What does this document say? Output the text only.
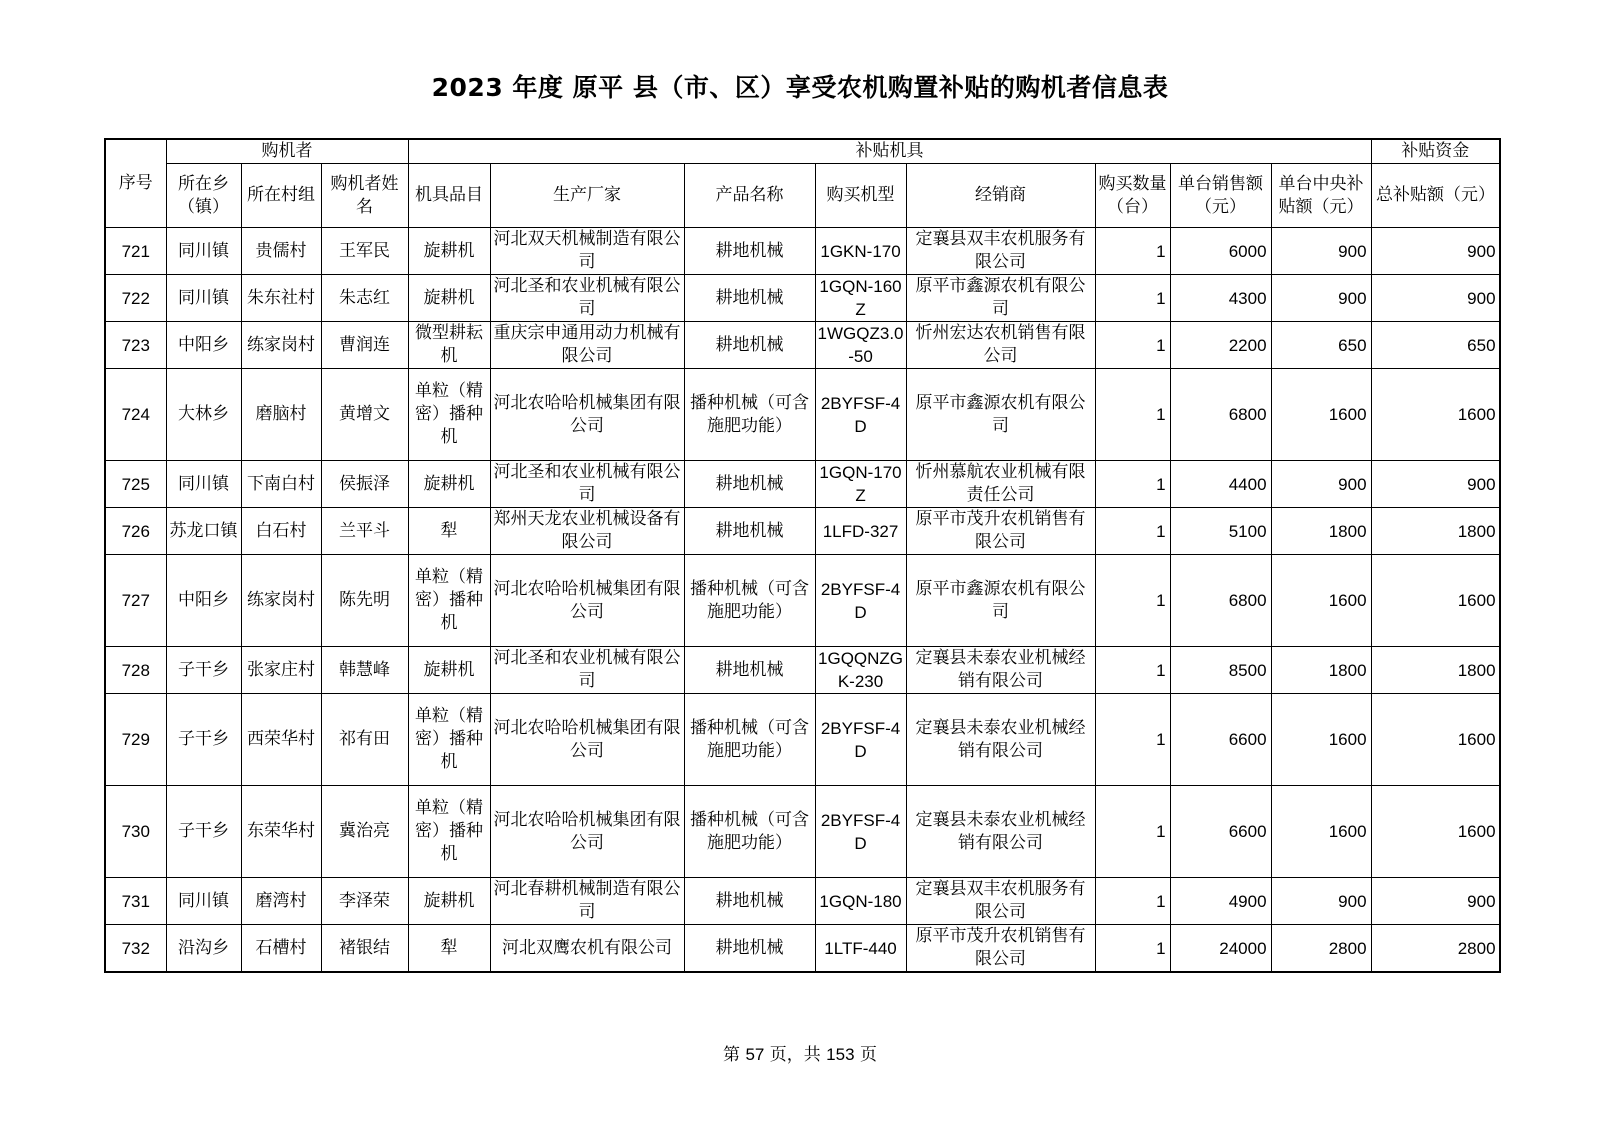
2023 年度 原平 县（市、区）享受农机购置补贴的购机者信息表
序号	购机者			补贴机具								补贴资金
	所在乡（镇）	所在村组	购机者姓名	机具品目	生产厂家	产品名称	购买机型	经销商	购买数量（台）	单台销售额（元）	单台中央补贴额（元）	总补贴额（元）
721	同川镇	贵儒村	王军民	旋耕机	河北双天机械制造有限公司	耕地机械	1GKN-170	定襄县双丰农机服务有限公司	1	6000	900	900
722	同川镇	朱东社村	朱志红	旋耕机	河北圣和农业机械有限公司	耕地机械	1GQN-160Z	原平市鑫源农机有限公司	1	4300	900	900
723	中阳乡	练家岗村	曹润连	微型耕耘机	重庆宗申通用动力机械有限公司	耕地机械	1WGQZ3.0-50	忻州宏达农机销售有限公司	1	2200	650	650
724	大林乡	磨脑村	黄增文	单粒（精密）播种机	河北农哈哈机械集团有限公司	播种机械（可含施肥功能）	2BYFSF-4D	原平市鑫源农机有限公司	1	6800	1600	1600
725	同川镇	下南白村	侯振泽	旋耕机	河北圣和农业机械有限公司	耕地机械	1GQN-170Z	忻州慕航农业机械有限责任公司	1	4400	900	900
726	苏龙口镇	白石村	兰平斗	犁	郑州天龙农业机械设备有限公司	耕地机械	1LFD-327	原平市茂升农机销售有限公司	1	5100	1800	1800
727	中阳乡	练家岗村	陈先明	单粒（精密）播种机	河北农哈哈机械集团有限公司	播种机械（可含施肥功能）	2BYFSF-4D	原平市鑫源农机有限公司	1	6800	1600	1600
728	子干乡	张家庄村	韩慧峰	旋耕机	河北圣和农业机械有限公司	耕地机械	1GQQNZGK-230	定襄县未泰农业机械经销有限公司	1	8500	1800	1800
729	子干乡	西荣华村	祁有田	单粒（精密）播种机	河北农哈哈机械集团有限公司	播种机械（可含施肥功能）	2BYFSF-4D	定襄县未泰农业机械经销有限公司	1	6600	1600	1600
730	子干乡	东荣华村	冀治亮	单粒（精密）播种机	河北农哈哈机械集团有限公司	播种机械（可含施肥功能）	2BYFSF-4D	定襄县未泰农业机械经销有限公司	1	6600	1600	1600
731	同川镇	磨湾村	李泽荣	旋耕机	河北春耕机械制造有限公司	耕地机械	1GQN-180	定襄县双丰农机服务有限公司	1	4900	900	900
732	沿沟乡	石槽村	褚银结	犁	河北双鹰农机有限公司	耕地机械	1LTF-440	原平市茂升农机销售有限公司	1	24000	2800	2800
第 57 页，共 153 页
